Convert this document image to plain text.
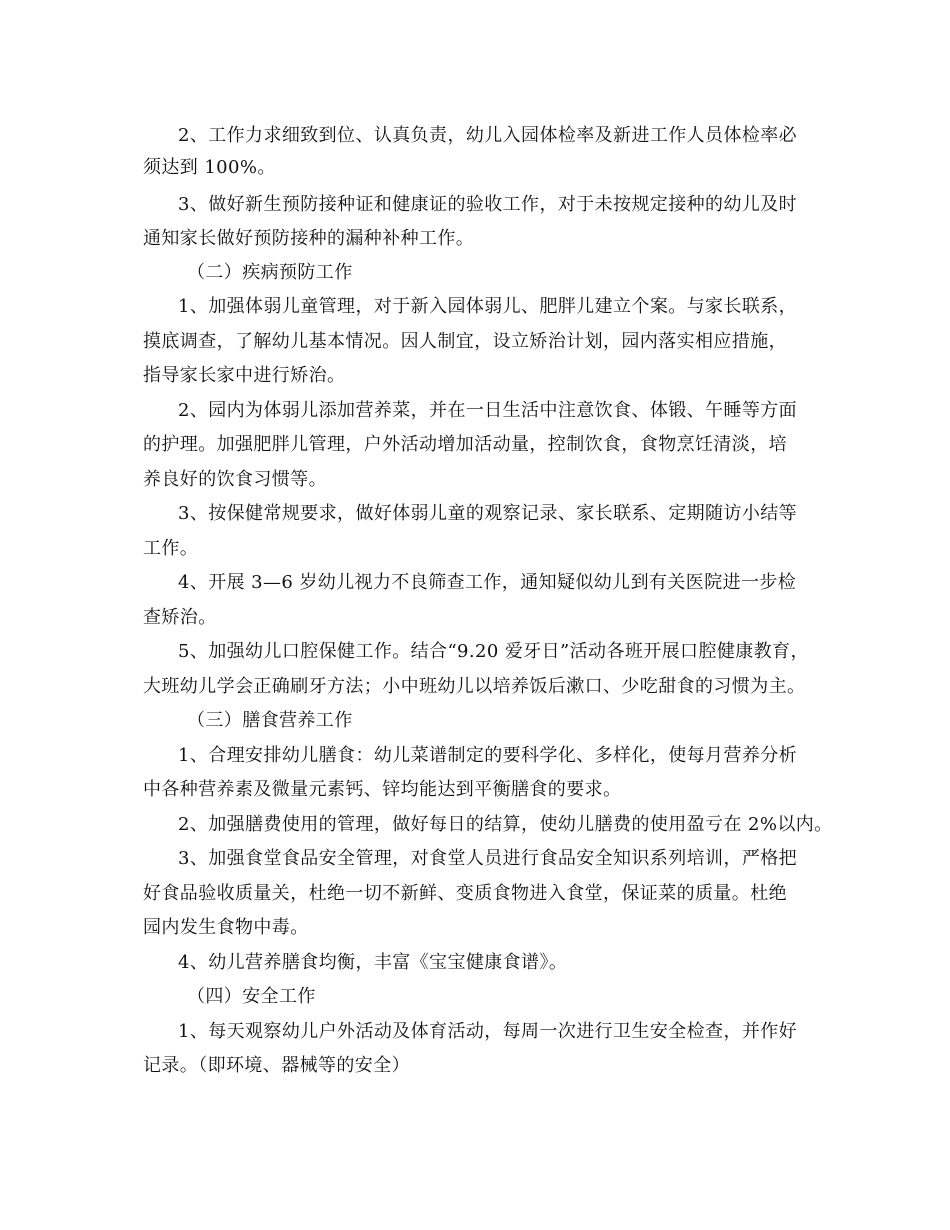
2、工作力求细致到位、认真负责，幼儿入园体检率及新进工作人员体检率必
须达到 100%。
3、做好新生预防接种证和健康证的验收工作，对于未按规定接种的幼儿及时
通知家长做好预防接种的漏种补种工作。
（二）疾病预防工作
1、加强体弱儿童管理，对于新入园体弱儿、肥胖儿建立个案。与家长联系，
摸底调查，了解幼儿基本情况。因人制宜，设立矫治计划，园内落实相应措施，
指导家长家中进行矫治。
2、园内为体弱儿添加营养菜，并在一日生活中注意饮食、体锻、午睡等方面
的护理。加强肥胖儿管理，户外活动增加活动量，控制饮食，食物烹饪清淡，培
养良好的饮食习惯等。
3、按保健常规要求，做好体弱儿童的观察记录、家长联系、定期随访小结等
工作。
4、开展 3—6 岁幼儿视力不良筛查工作，通知疑似幼儿到有关医院进一步检
查矫治。
5、加强幼儿口腔保健工作。结合“9.20 爱牙日”活动各班开展口腔健康教育，
大班幼儿学会正确刷牙方法；小中班幼儿以培养饭后漱口、少吃甜食的习惯为主。
（三）膳食营养工作
1、合理安排幼儿膳食：幼儿菜谱制定的要科学化、多样化，使每月营养分析
中各种营养素及微量元素钙、锌均能达到平衡膳食的要求。
2、加强膳费使用的管理，做好每日的结算，使幼儿膳费的使用盈亏在 2%以内。
3、加强食堂食品安全管理，对食堂人员进行食品安全知识系列培训，严格把
好食品验收质量关，杜绝一切不新鲜、变质食物进入食堂，保证菜的质量。杜绝
园内发生食物中毒。
4、幼儿营养膳食均衡，丰富《宝宝健康食谱》。
（四）安全工作
1、每天观察幼儿户外活动及体育活动，每周一次进行卫生安全检查，并作好
记录。（即环境、器械等的安全）
